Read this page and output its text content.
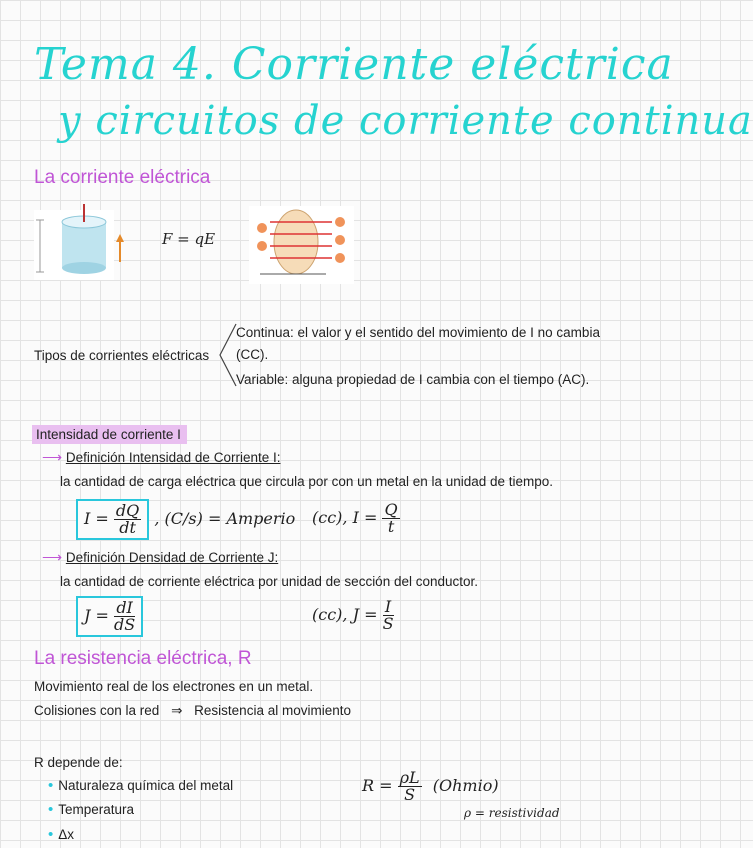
Tema 4. Corriente eléctrica
y circuitos de corriente continua
La corriente eléctrica
F = qE
Tipos de corrientes eléctricas
Continua: el valor y el sentido del movimiento de I no cambia
(CC).
Variable: alguna propiedad de I cambia con el tiempo (AC).
Intensidad de corriente I
⟶ Definición Intensidad de Corriente I:
la cantidad de carga eléctrica que circula por con un metal en la unidad de tiempo.
$I = \frac{dQ}{dt}$ , (C/s) = Amperio (cc), $I = \frac{Q}{t}$
⟶ Definición Densidad de Corriente J:
la cantidad de corriente eléctrica por unidad de sección del conductor.
$J = \frac{dI}{dS}$	(cc), $J = \frac{I}{S}$
La resistencia eléctrica, R
Movimiento real de los electrones en un metal.
Colisiones con la red ⇒ Resistencia al movimiento
R depende de:
• Naturaleza química del metal
• Temperatura
• Δx
$R = \frac{\rho L}{S}$ (Ohmio)
ρ = resistividad
